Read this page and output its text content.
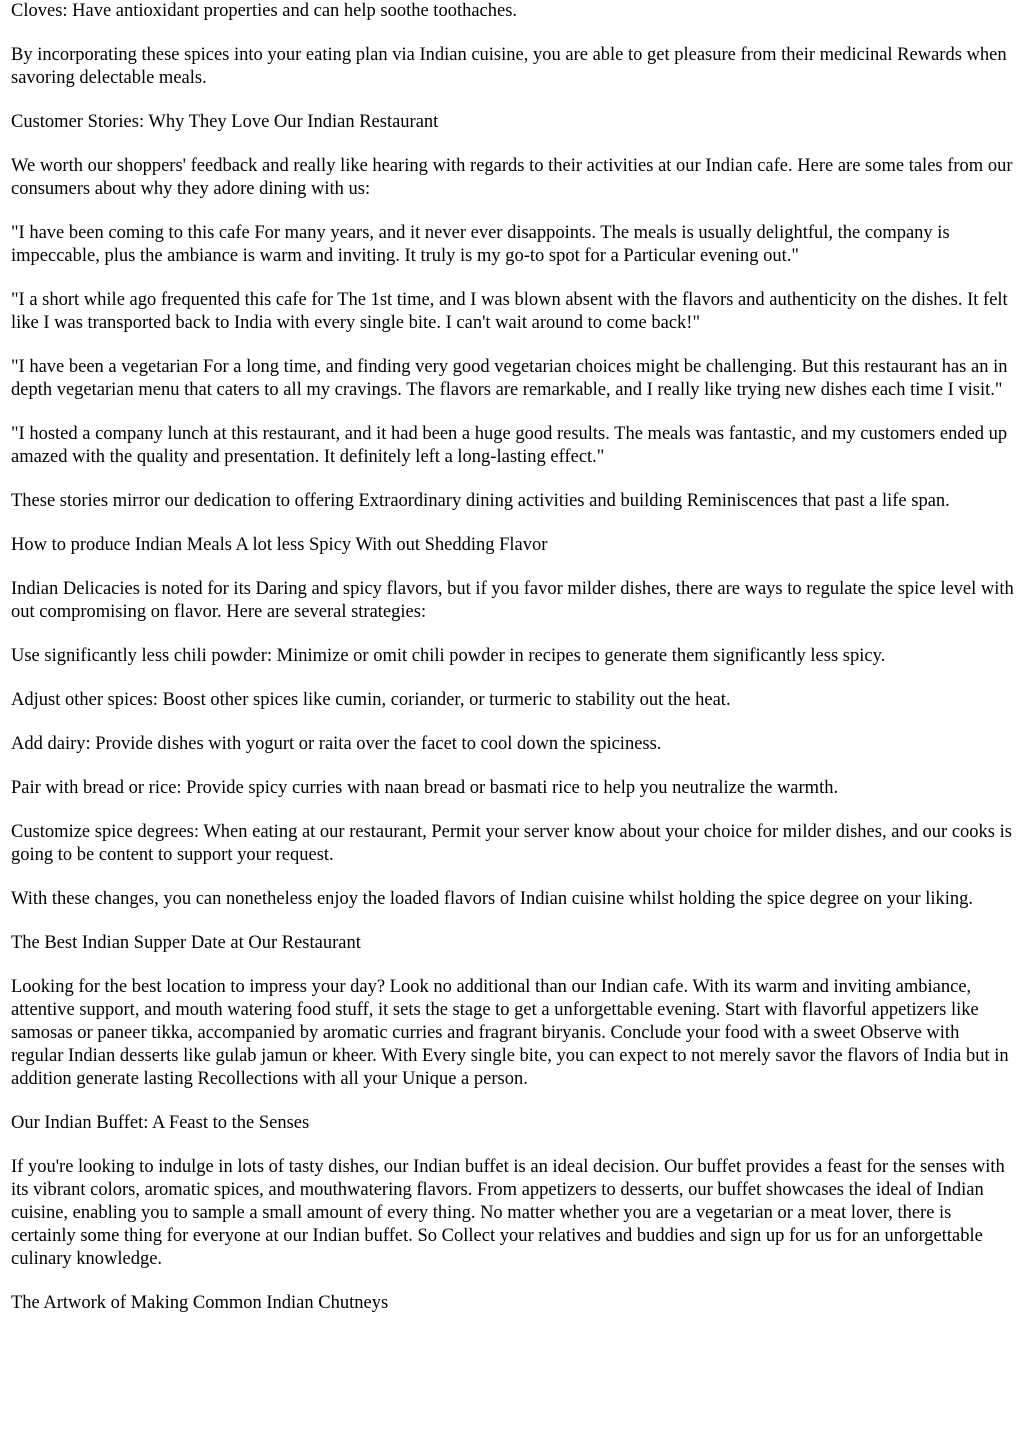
Cloves: Have antioxidant properties and can help soothe toothaches.

By incorporating these spices into your eating plan via Indian cuisine, you are able to get pleasure from their medicinal Rewards when savoring delectable meals.

Customer Stories: Why They Love Our Indian Restaurant

We worth our shoppers' feedback and really like hearing with regards to their activities at our Indian cafe. Here are some tales from our consumers about why they adore dining with us:

"I have been coming to this cafe For many years, and it never ever disappoints. The meals is usually delightful, the company is impeccable, plus the ambiance is warm and inviting. It truly is my go-to spot for a Particular evening out."

"I a short while ago frequented this cafe for The 1st time, and I was blown absent with the flavors and authenticity on the dishes. It felt like I was transported back to India with every single bite. I can't wait around to come back!"

"I have been a vegetarian For a long time, and finding very good vegetarian choices might be challenging. But this restaurant has an in depth vegetarian menu that caters to all my cravings. The flavors are remarkable, and I really like trying new dishes each time I visit."

"I hosted a company lunch at this restaurant, and it had been a huge good results. The meals was fantastic, and my customers ended up amazed with the quality and presentation. It definitely left a long-lasting effect."

These stories mirror our dedication to offering Extraordinary dining activities and building Reminiscences that past a life span.

How to produce Indian Meals A lot less Spicy With out Shedding Flavor

Indian Delicacies is noted for its Daring and spicy flavors, but if you favor milder dishes, there are ways to regulate the spice level with out compromising on flavor. Here are several strategies:

Use significantly less chili powder: Minimize or omit chili powder in recipes to generate them significantly less spicy.

Adjust other spices: Boost other spices like cumin, coriander, or turmeric to stability out the heat.

Add dairy: Provide dishes with yogurt or raita over the facet to cool down the spiciness.

Pair with bread or rice: Provide spicy curries with naan bread or basmati rice to help you neutralize the warmth.

Customize spice degrees: When eating at our restaurant, Permit your server know about your choice for milder dishes, and our cooks is going to be content to support your request.

With these changes, you can nonetheless enjoy the loaded flavors of Indian cuisine whilst holding the spice degree on your liking.

The Best Indian Supper Date at Our Restaurant

Looking for the best location to impress your day? Look no additional than our Indian cafe. With its warm and inviting ambiance, attentive support, and mouth watering food stuff, it sets the stage to get a unforgettable evening. Start with flavorful appetizers like samosas or paneer tikka, accompanied by aromatic curries and fragrant biryanis. Conclude your food with a sweet Observe with regular Indian desserts like gulab jamun or kheer. With Every single bite, you can expect to not merely savor the flavors of India but in addition generate lasting Recollections with all your Unique a person.

Our Indian Buffet: A Feast to the Senses

If you're looking to indulge in lots of tasty dishes, our Indian buffet is an ideal decision. Our buffet provides a feast for the senses with its vibrant colors, aromatic spices, and mouthwatering flavors. From appetizers to desserts, our buffet showcases the ideal of Indian cuisine, enabling you to sample a small amount of every thing. No matter whether you are a vegetarian or a meat lover, there is certainly some thing for everyone at our Indian buffet. So Collect your relatives and buddies and sign up for us for an unforgettable culinary knowledge.

The Artwork of Making Common Indian Chutneys
